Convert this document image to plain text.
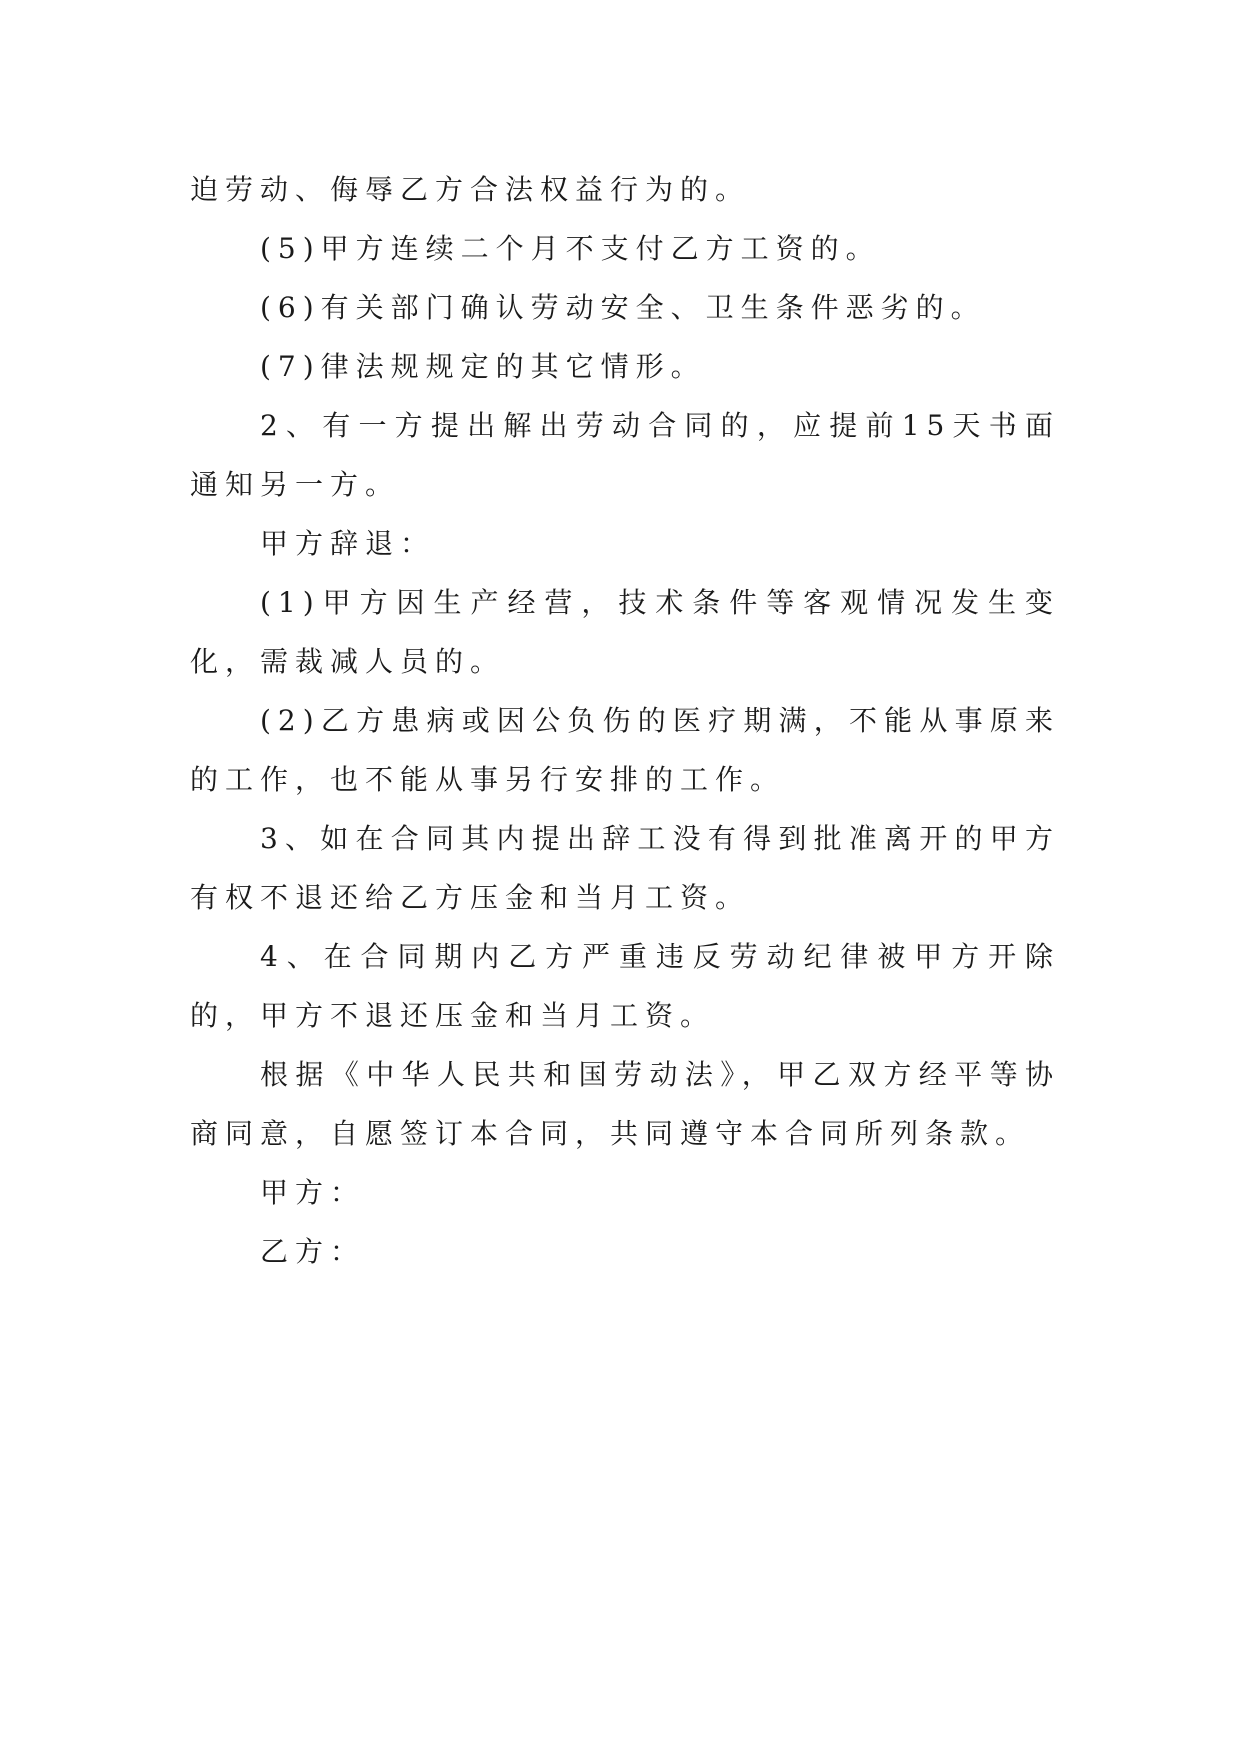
迫劳动、侮辱乙方合法权益行为的。

(5)甲方连续二个月不支付乙方工资的。

(6)有关部门确认劳动安全、卫生条件恶劣的。

(7)律法规规定的其它情形。

2、有一方提出解出劳动合同的，应提前15天书面通知另一方。

甲方辞退：

(1)甲方因生产经营，技术条件等客观情况发生变化，需裁减人员的。

(2)乙方患病或因公负伤的医疗期满，不能从事原来的工作，也不能从事另行安排的工作。

3、如在合同其内提出辞工没有得到批准离开的甲方有权不退还给乙方压金和当月工资。

4、在合同期内乙方严重违反劳动纪律被甲方开除的，甲方不退还压金和当月工资。

根据《中华人民共和国劳动法》，甲乙双方经平等协商同意，自愿签订本合同，共同遵守本合同所列条款。

甲方：

乙方：
